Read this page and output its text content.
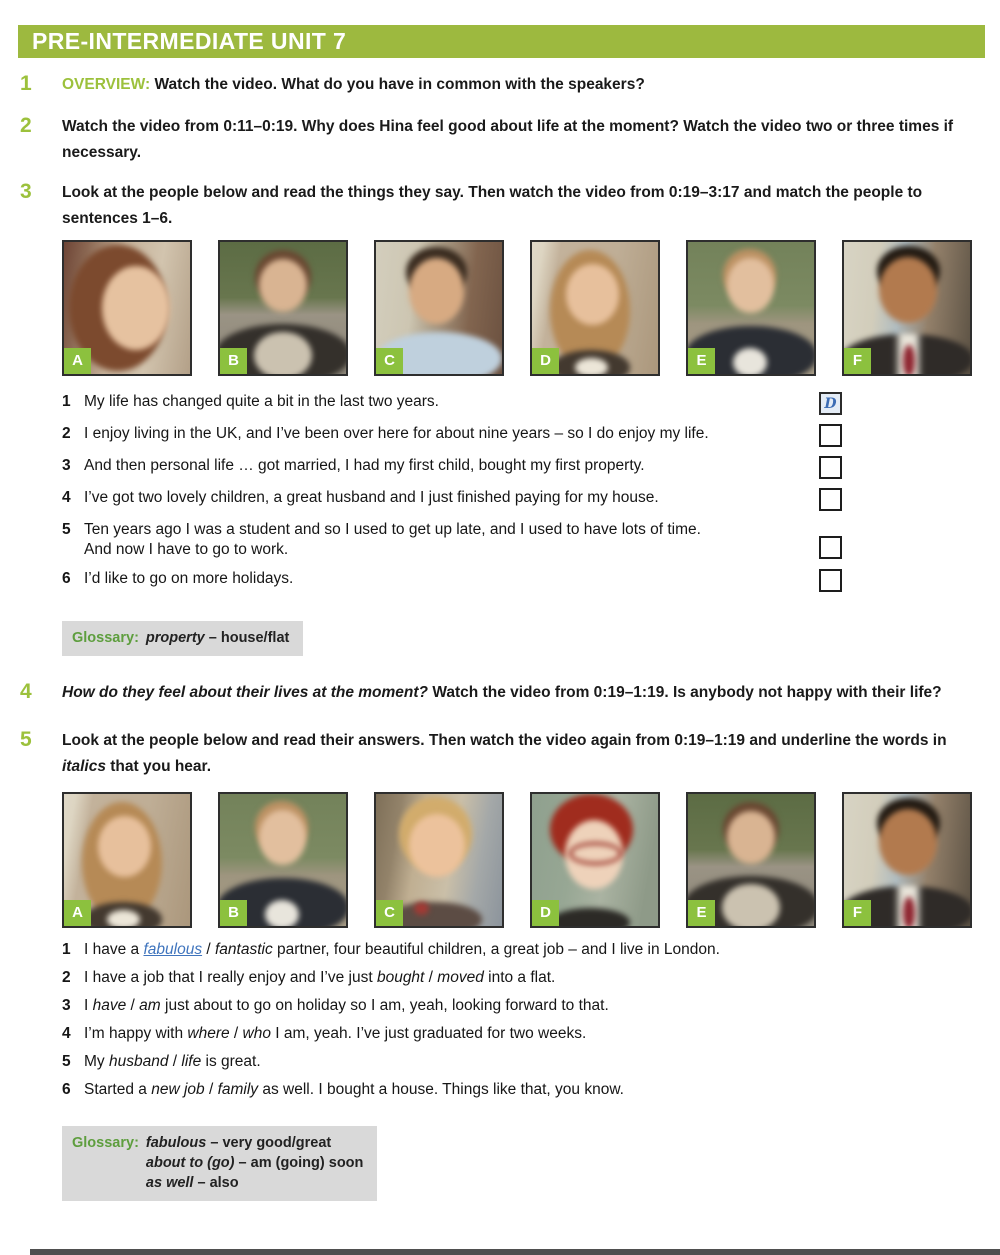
PRE-INTERMEDIATE UNIT 7
1	OVERVIEW: Watch the video. What do you have in common with the speakers?
2	Watch the video from 0:11–0:19. Why does Hina feel good about life at the moment? Watch the video two or three times if necessary.
3	Look at the people below and read the things they say. Then watch the video from 0:19–3:17 and match the people to sentences 1–6.
A	B	C	D	E	F
1 My life has changed quite a bit in the last two years.	D
2 I enjoy living in the UK, and I’ve been over here for about nine years – so I do enjoy my life.
3 And then personal life … got married, I had my first child, bought my first property.
4 I’ve got two lovely children, a great husband and I just finished paying for my house.
5 Ten years ago I was a student and so I used to get up late, and I used to have lots of time.
And now I have to go to work.
6 I’d like to go on more holidays.
Glossary: property – house/flat
4	How do they feel about their lives at the moment? Watch the video from 0:19–1:19. Is anybody not happy with their life?
5	Look at the people below and read their answers. Then watch the video again from 0:19–1:19 and underline the words in italics that you hear.
A	B	C	D	E	F
1 I have a fabulous / fantastic partner, four beautiful children, a great job – and I live in London.
2 I have a job that I really enjoy and I’ve just bought / moved into a flat.
3 I have / am just about to go on holiday so I am, yeah, looking forward to that.
4 I’m happy with where / who I am, yeah. I’ve just graduated for two weeks.
5 My husband / life is great.
6 Started a new job / family as well. I bought a house. Things like that, you know.
Glossary: fabulous – very good/great
about to (go) – am (going) soon
as well – also
